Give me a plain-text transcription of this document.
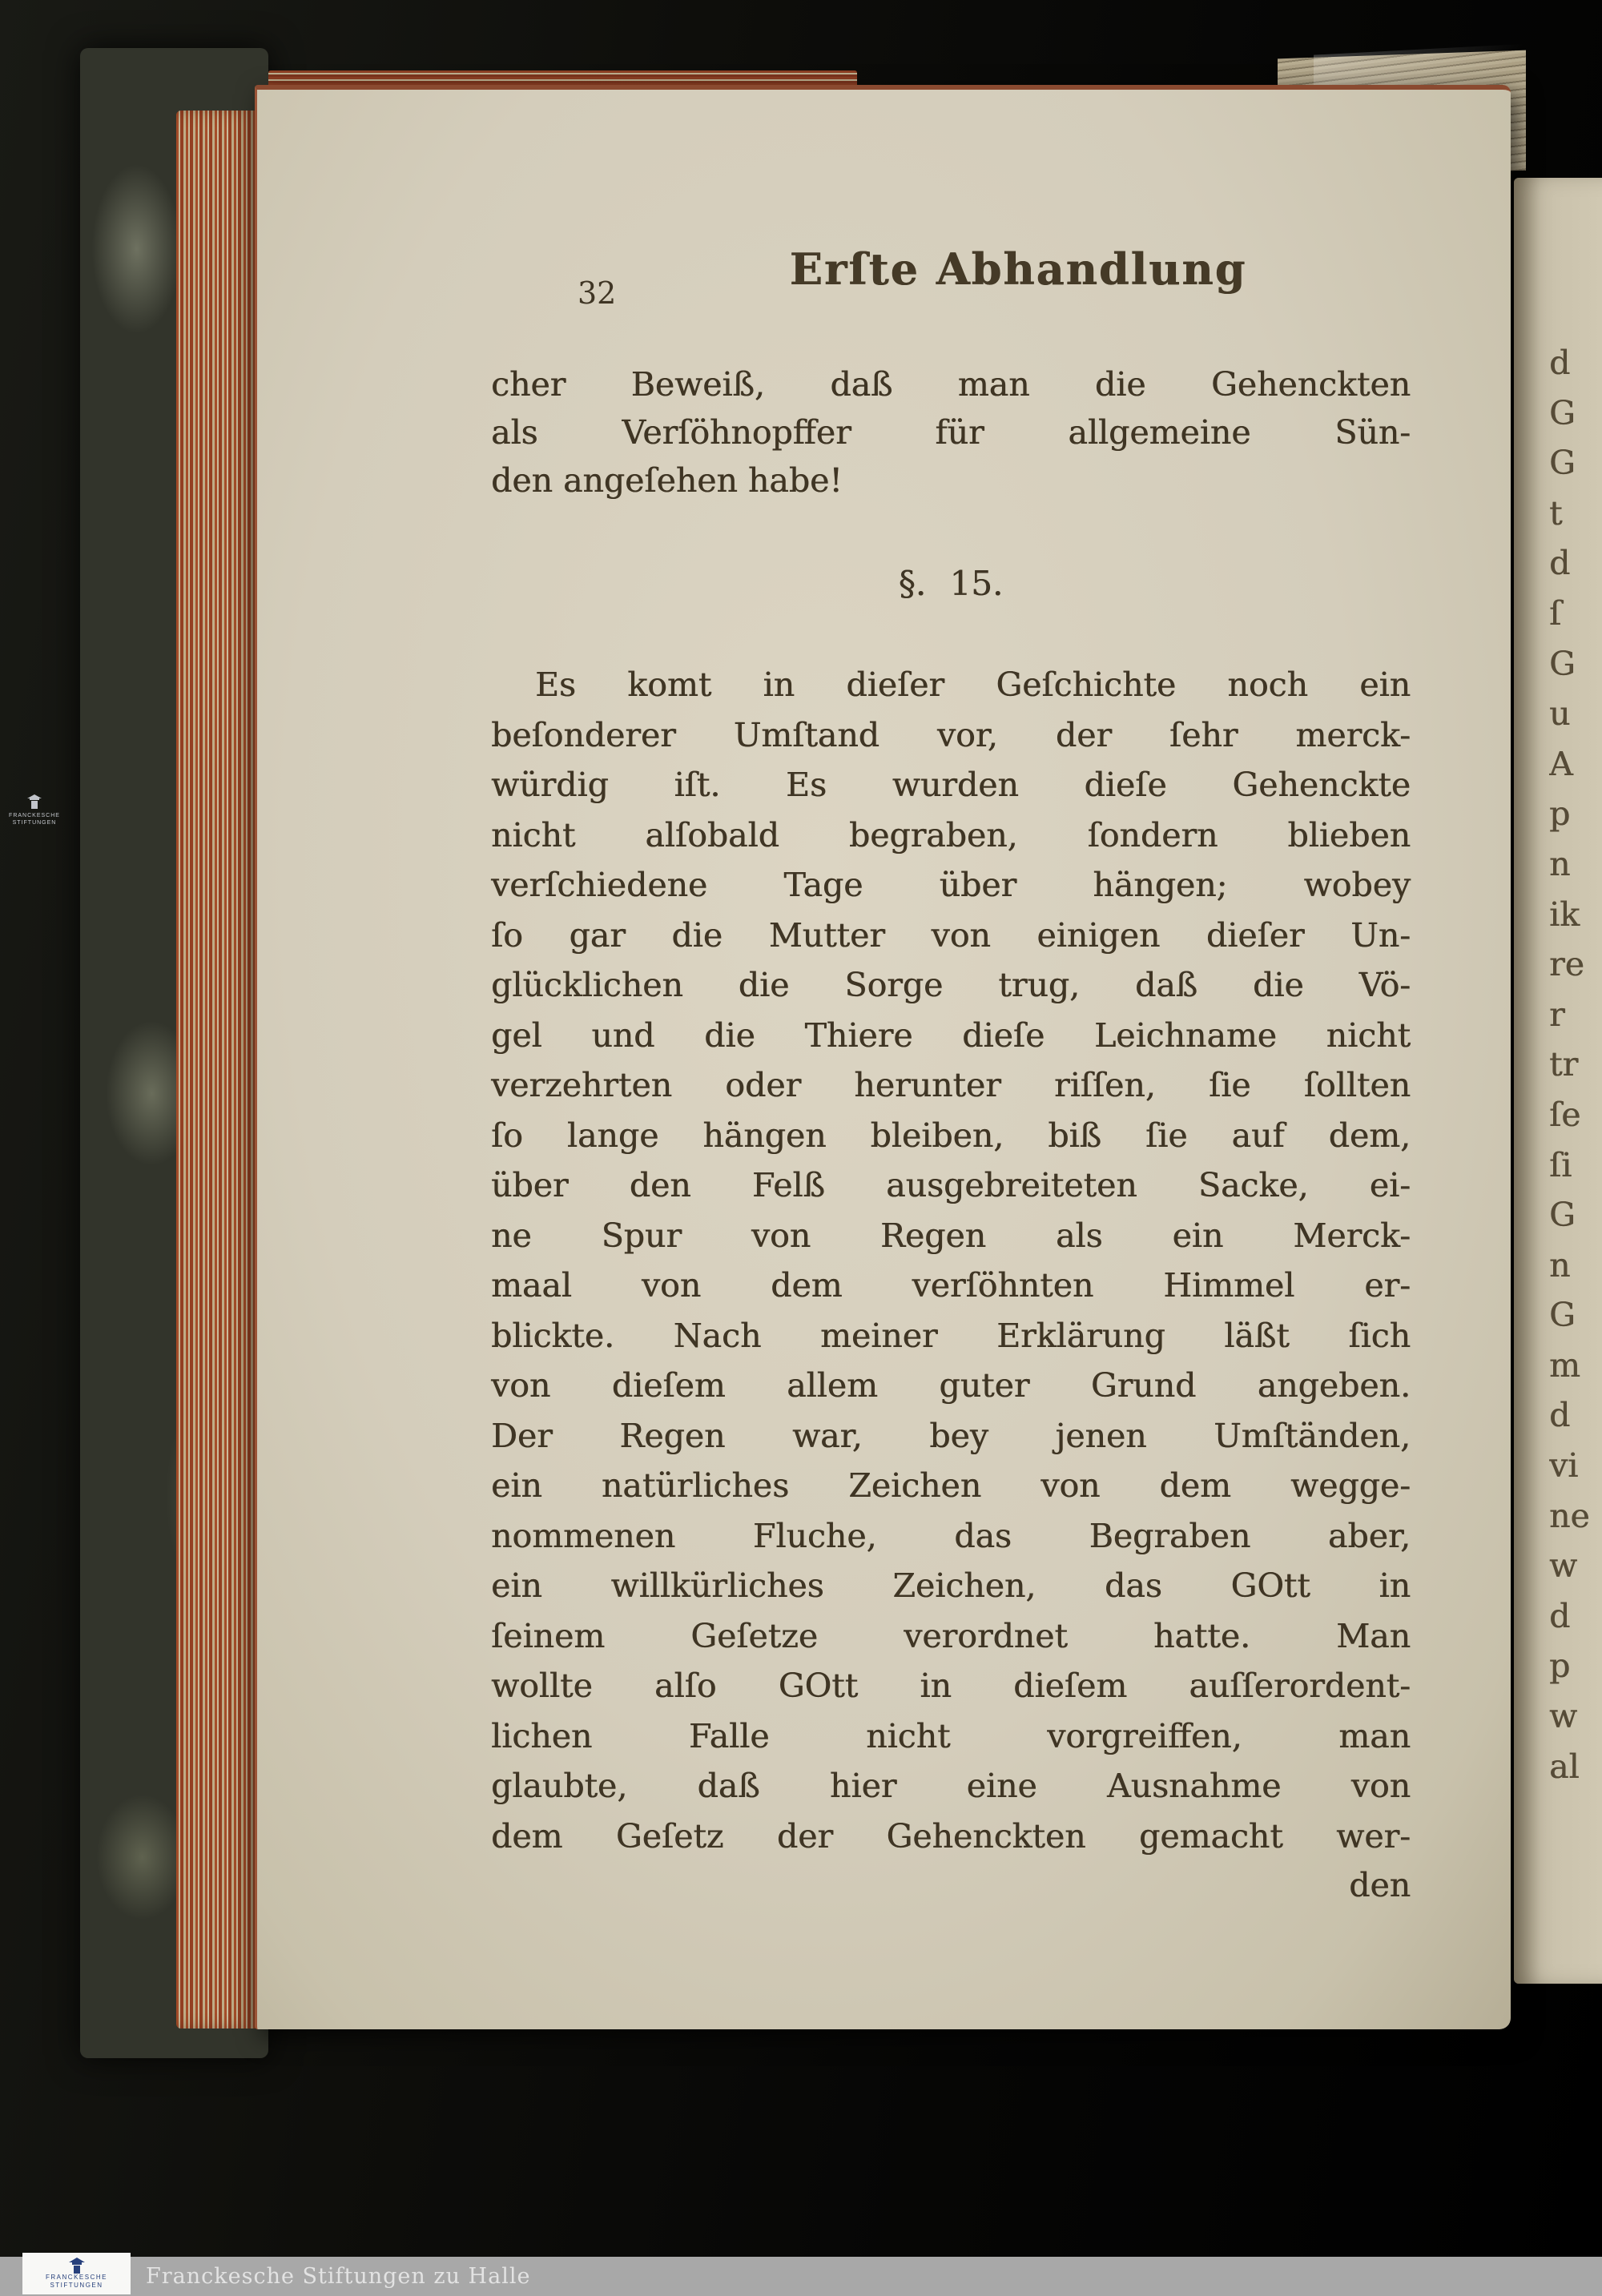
32	Erſte Abhandlung
cher Beweiß, daß man die Gehenckten
als Verſöhnopffer für allgemeine Sün-
den angeſehen habe!
§. 15.
Es komt in dieſer Geſchichte noch ein
beſonderer Umſtand vor, der ſehr merck-
würdig iſt. Es wurden dieſe Gehenckte
nicht alſobald begraben, ſondern blieben
verſchiedene Tage über hängen; wobey
ſo gar die Mutter von einigen dieſer Un-
glücklichen die Sorge trug, daß die Vö-
gel und die Thiere dieſe Leichname nicht
verzehrten oder herunter riſſen, ſie ſollten
ſo lange hängen bleiben, biß ſie auf dem,
über den Felß ausgebreiteten Sacke, ei-
ne Spur von Regen als ein Merck-
maal von dem verſöhnten Himmel er-
blickte. Nach meiner Erklärung läßt ſich
von dieſem allem guter Grund angeben.
Der Regen war, bey jenen Umſtänden,
ein natürliches Zeichen von dem wegge-
nommenen Fluche, das Begraben aber,
ein willkürliches Zeichen, das GOtt in
ſeinem Geſetze verordnet hatte. Man
wollte alſo GOtt in dieſem auſſerordent-
lichen Falle nicht vorgreiffen, man
glaubte, daß hier eine Ausnahme von
dem Geſetz der Gehenckten gemacht wer-
den
d
G
G
t
d
ſ
G
u
A
p
n
ik
re
r
tr
ſe
ſi
G
n
G
m
d
vi
ne
w
d
p
w
al
FRANCKESCHE
STIFTUNGEN
Franckesche Stiftungen zu Halle
FRANCKESCHE
STIFTUNGEN
